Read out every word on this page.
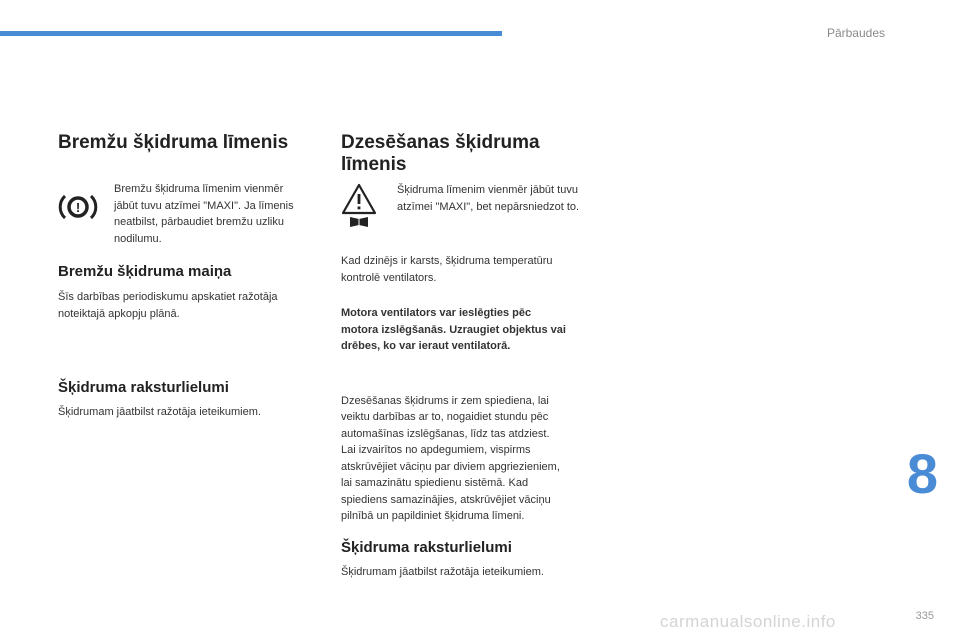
Pārbaudes
Bremžu šķidruma līmenis
!

Bremžu šķidruma līmenim vienmēr

jābūt tuvu atzīmei "MAXI". Ja līmenis

neatbilst, pārbaudiet bremžu uzliku

nodilumu.

Bremžu šķidruma maiņa

Šīs darbības periodiskumu apskatiet ražotāja

noteiktajā apkopju plānā.

Šķidruma raksturlielumi

Šķidrumam jāatbilst ražotāja ieteikumiem.

Dzesēšanas šķidruma
līmenis

Šķidruma līmenim vienmēr jābūt tuvu

atzīmei "MAXI", bet nepārsniedzot to.

Kad dzinējs ir karsts, šķidruma temperatūru

kontrolē ventilators.

Motora ventilators var ieslēgties pēc

motora izslēgšanās. Uzraugiet objektus vai

drēbes, ko var ieraut ventilatorā.

Dzesēšanas šķidrums ir zem spiediena, lai

veiktu darbības ar to, nogaidiet stundu pēc

automašīnas izslēgšanas, līdz tas atdziest.

Lai izvairītos no apdegumiem, vispirms

atskrūvējiet vāciņu par diviem apgriezieniem,

lai samazinātu spiedienu sistēmā. Kad

spiediens samazinājies, atskrūvējiet vāciņu

pilnībā un papildiniet šķidruma līmeni.

Šķidruma raksturlielumi

Šķidrumam jāatbilst ražotāja ieteikumiem.

8
335
carmanualsonline.info
